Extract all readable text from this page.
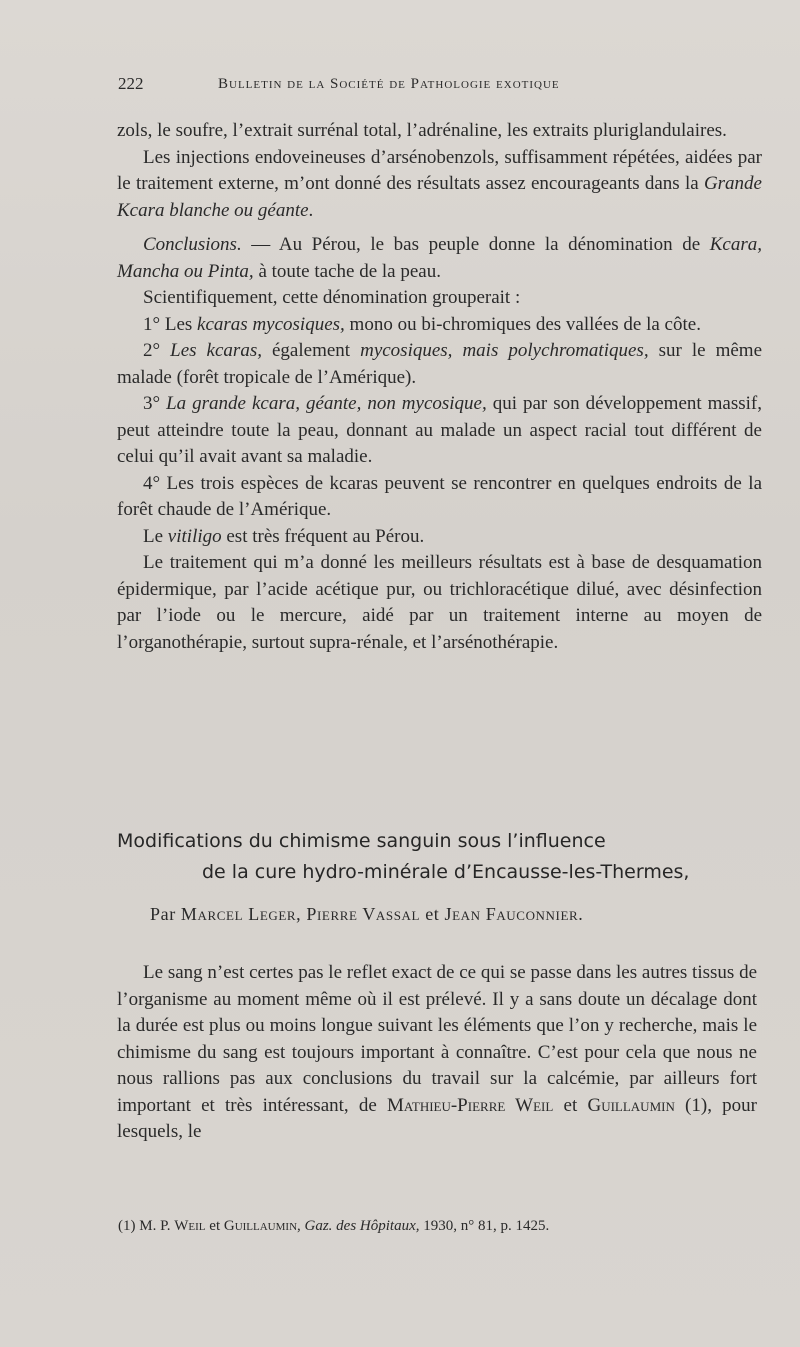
222	Bulletin de la Société de Pathologie exotique

zols, le soufre, l’extrait surrénal total, l’adrénaline, les extraits pluriglandulaires.

Les injections endoveineuses d’arsénobenzols, suffisamment répétées, aidées par le traitement externe, m’ont donné des résultats assez encourageants dans la Grande Kcara blanche ou géante.

Conclusions. — Au Pérou, le bas peuple donne la dénomination de Kcara, Mancha ou Pinta, à toute tache de la peau.

Scientifiquement, cette dénomination grouperait :

1° Les kcaras mycosiques, mono ou bi-chromiques des vallées de la côte.

2° Les kcaras, également mycosiques, mais polychromatiques, sur le même malade (forêt tropicale de l’Amérique).

3° La grande kcara, géante, non mycosique, qui par son développement massif, peut atteindre toute la peau, donnant au malade un aspect racial tout différent de celui qu’il avait avant sa maladie.

4° Les trois espèces de kcaras peuvent se rencontrer en quelques endroits de la forêt chaude de l’Amérique.

Le vitiligo est très fréquent au Pérou.

Le traitement qui m’a donné les meilleurs résultats est à base de desquamation épidermique, par l’acide acétique pur, ou trichloracétique dilué, avec désinfection par l’iode ou le mercure, aidé par un traitement interne au moyen de l’organothérapie, surtout supra-rénale, et l’arsénothérapie.

Modifications du chimisme sanguin sous l’influence
de la cure hydro-minérale d’Encausse-les-Thermes,
Par Marcel Leger, Pierre Vassal et Jean Fauconnier.

Le sang n’est certes pas le reflet exact de ce qui se passe dans les autres tissus de l’organisme au moment même où il est prélevé. Il y a sans doute un décalage dont la durée est plus ou moins longue suivant les éléments que l’on y recherche, mais le chimisme du sang est toujours important à connaître. C’est pour cela que nous ne nous rallions pas aux conclusions du travail sur la calcémie, par ailleurs fort important et très intéressant, de Mathieu-Pierre Weil et Guillaumin (1), pour lesquels, le

(1) M. P. Weil et Guillaumin, Gaz. des Hôpitaux, 1930, n° 81, p. 1425.
